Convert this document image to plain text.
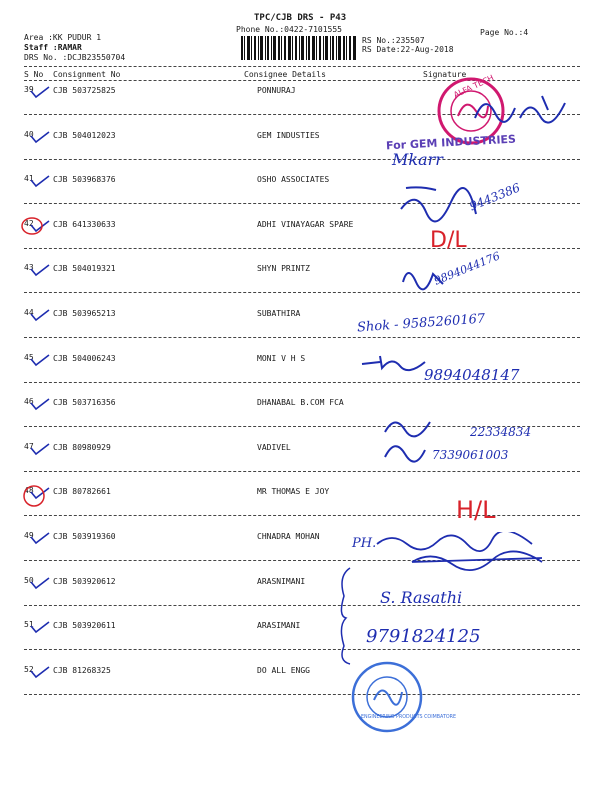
TPC/CJB DRS - P43
Phone No.:0422-7101555
Area :KK PUDUR 1
Staff :RAMAR
DRS No. :DCJB23550704
Page No.:4
RS No.:235507
RS Date:22-Aug-2018
S No Consignment No	Consignee Details	Signature
39 CJB 503725825	PONNURAJ
40 CJB 504012023	GEM INDUSTIES
41 CJB 503968376	OSHO ASSOCIATES
42 CJB 641330633	ADHI VINAYAGAR SPARE
43 CJB 504019321	SHYN PRINTZ
44 CJB 503965213	SUBATHIRA
45 CJB 504006243	MONI V H S
46 CJB 503716356	DHANABAL B.COM FCA
47 CJB 80980929	VADIVEL
48 CJB 80782661	MR THOMAS E JOY
49 CJB 503919360	CHNADRA MOHAN
50 CJB 503920612	ARASNIMANI
51 CJB 503920611	ARASIMANI
52 CJB 81268325	DO ALL ENGG
ALFA TECH
For GEM INDUSTRIES
Mkarr
9443386
D/L
9894044176
Shok - 9585260167
9894048147
22334834
7339061003
H/L
PH.
S. Rasathi
9791824125
ENGINEERING PRODUCTS COIMBATORE
